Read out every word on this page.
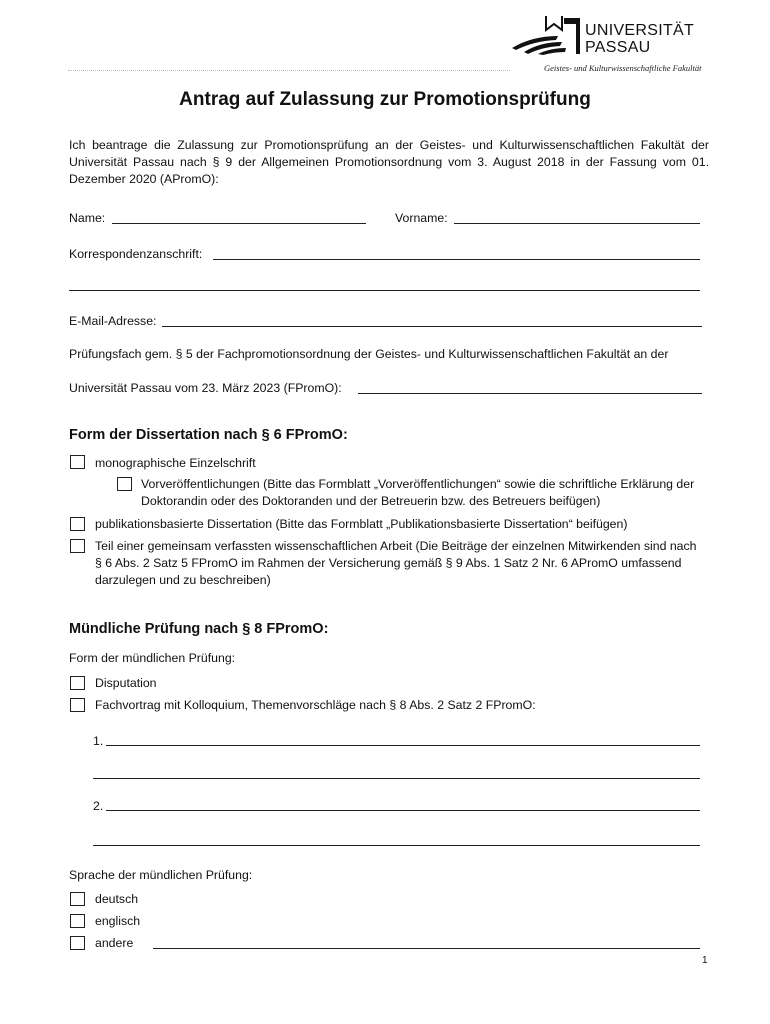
UNIVERSITÄT
PASSAU
Geistes- und Kulturwissenschaftliche Fakultät
Antrag auf Zulassung zur Promotionsprüfung
Ich beantrage die Zulassung zur Promotionsprüfung an der Geistes- und Kulturwissenschaftlichen Fakultät der Universität Passau nach § 9 der Allgemeinen Promotionsordnung vom 3. August 2018 in der Fassung vom 01. Dezember 2020 (APromO):
Name:	Vorname:
Korrespondenzanschrift:
E-Mail-Adresse:
Prüfungsfach gem. § 5 der Fachpromotionsordnung der Geistes- und Kulturwissenschaftlichen Fakultät an der
Universität Passau vom 23. März 2023 (FPromO):
Form der Dissertation nach § 6 FPromO:
monographische Einzelschrift
Vorveröffentlichungen (Bitte das Formblatt „Vorveröffentlichungen“ sowie die schriftliche Erklärung der Doktorandin oder des Doktoranden und der Betreuerin bzw. des Betreuers beifügen)
publikationsbasierte Dissertation (Bitte das Formblatt „Publikationsbasierte Dissertation“ beifügen)
Teil einer gemeinsam verfassten wissenschaftlichen Arbeit (Die Beiträge der einzelnen Mitwirkenden sind nach § 6 Abs. 2 Satz 5 FPromO im Rahmen der Versicherung gemäß § 9 Abs. 1 Satz 2 Nr. 6 APromO umfassend darzulegen und zu beschreiben)
Mündliche Prüfung nach § 8 FPromO:
Form der mündlichen Prüfung:
Disputation
Fachvortrag mit Kolloquium, Themenvorschläge nach § 8 Abs. 2 Satz 2 FPromO:
1.
2.
Sprache der mündlichen Prüfung:
deutsch
englisch
andere
1
